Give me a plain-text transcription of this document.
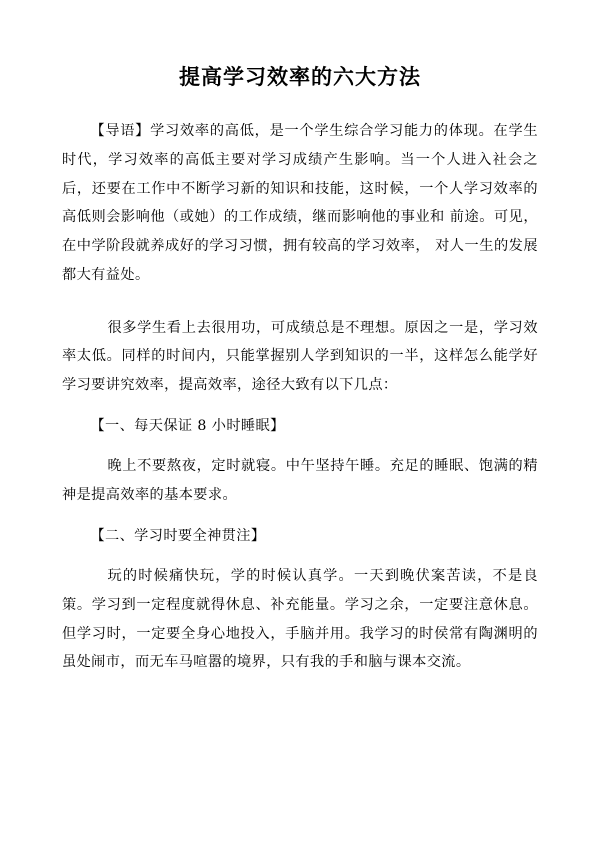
提高学习效率的六大方法

【导语】学习效率的高低，是一个学生综合学习能力的体现。在学生时代，学习效率的高低主要对学习成绩产生影响。当一个人进入社会之后，还要在工作中不断学习新的知识和技能，这时候，一个人学习效率的高低则会影响他（或她）的工作成绩，继而影响他的事业和 前途。可见，在中学阶段就养成好的学习习惯，拥有较高的学习效率， 对人一生的发展都大有益处。

很多学生看上去很用功，可成绩总是不理想。原因之一是，学习效率太低。同样的时间内，只能掌握别人学到知识的一半，这样怎么能学好学习要讲究效率，提高效率，途径大致有以下几点：

【一、每天保证 8 小时睡眠】

晚上不要熬夜，定时就寝。中午坚持午睡。充足的睡眠、饱满的精神是提高效率的基本要求。

【二、学习时要全神贯注】

玩的时候痛快玩，学的时候认真学。一天到晚伏案苦读，不是良策。学习到一定程度就得休息、补充能量。学习之余，一定要注意休息。但学习时，一定要全身心地投入，手脑并用。我学习的时侯常有陶渊明的虽处闹市，而无车马喧嚣的境界，只有我的手和脑与课本交流。
